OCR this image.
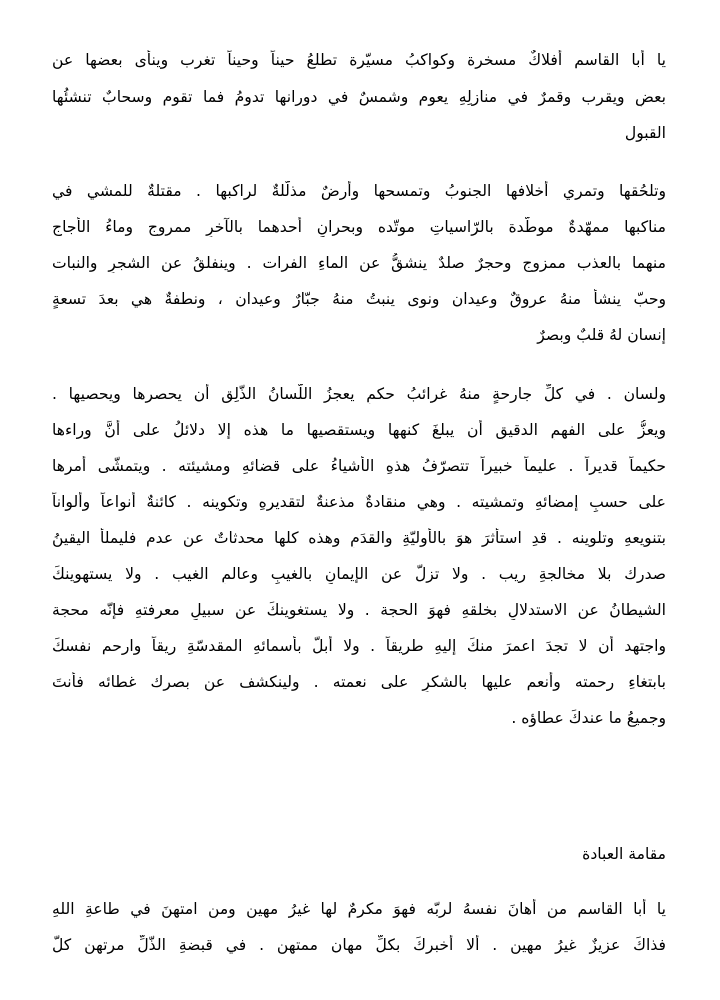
يا أبا القاسم أفلاكٌ مسخرة وكواكبُ مسيّرة تطلعُ حيناً وحيناً تغرب وينأى بعضها عن
بعضٍ ويقرب وقمرٌ في منازلِهِ يعوم وشمسٌ في دورانها تدومُ فما تقوم وسحابٌ تنشئُها
القبول
وتلحُقها وتمري أخلافها الجنوبُ وتمسحها وأرضٌ مذلّلةٌ لراكبها . مقتلةٌ للمشي في
مناكبها ممهّدةٌ موطّدة بالرّاسياتِ موتّده وبحرانِ أحدهما بالآخرِ ممروج وماءُ الأجاج
منهما بالعذب ممزوج وحجرٌ صلدٌ ينشقُّ عن الماءِ الفرات . وينفلقُ عن الشجرِ والنبات
وحبّ ينشأ منهُ عروقٌ وعيدان ونوى ينبتُ منهُ جبّارٌ وعيدان ، ونطفةٌ هي بعدَ تسعةٍ
إنسان لهُ قلبٌ وبصرٌ
ولسان . في كلِّ جارحةٍ منهُ غرائبُ حكمٍ يعجزُ اللّسانُ الذّلِق أن يحصرها ويحصيها .
ويعزُّ على الفهمِ الدقيقِ أن يبلغَ كنهها ويستقصيها ما هذه إلا دلائلُ على أنَّ وراءها
حكيماً قديراً . عليماً خبيراً تتصرّفُ هذهِ الأشياءُ على قضائهِ ومشيئته . ويتمشّى أمرها
على حسبِ إمضائهِ وتمشيته . وهي منقادةٌ مذعنةٌ لتقديرهِ وتكوينه . كائنةٌ أنواعاً وألواناً
بتنويعهِ وتلوينه . قدِ استأثرَ هوَ بالأوليّةِ والقدَمِ وهذه كلها محدثاتٌ عن عدم فليملأ اليقينُ
صدرك بلا مخالجةِ ريب . ولا تزلّ عن الإيمانِ بالغيبِ وعالمِ الغيب . ولا يستهوينكَ
الشيطانُ عن الاستدلالِ بخلقهِ فهوَ الحجة . ولا يستغوينكَ عن سبيلِ معرفتهِ فإنّه محجة
واجتهد أن لا تجدَ اعمرَ منكَ إليهِ طريقاً . ولا أبلَّ بأسمائهِ المقدسّةِ ريقاً وارحم نفسكَ
بابتغاءِ رحمته وأنعم عليها بالشكرِ على نعمته . ولينكشف عن بصرك غطائه فأنتَ
وجميعُ ما عندكَ عطاؤه .
مقامة العبادة
يا أبا القاسم من أهانَ نفسهُ لربّه فهوَ مكرمٌ لها غيرُ مهين ومنِ امتهنَ في طاعةِ اللهِ
فذاكَ عزيزٌ غيرُ مهين . ألا أخبركَ بكلِّ مهان ممتهن . في قبضةِ الذّلِّ مرتهن كلُّ
